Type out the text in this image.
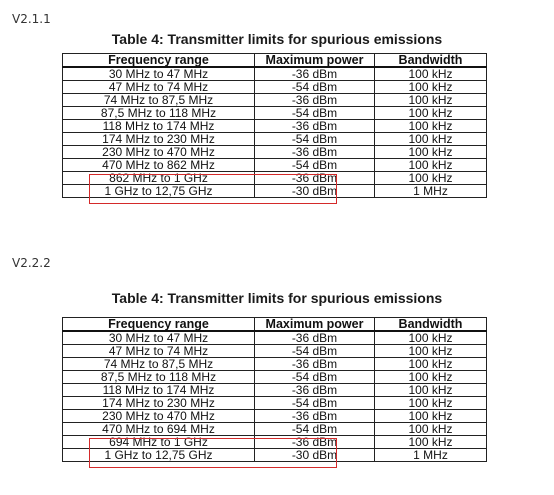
V2.1.1
Table 4: Transmitter limits for spurious emissions
Frequency range	Maximum power	Bandwidth
30 MHz to 47 MHz	-36 dBm	100 kHz
47 MHz to 74 MHz	-54 dBm	100 kHz
74 MHz to 87,5 MHz	-36 dBm	100 kHz
87,5 MHz to 118 MHz	-54 dBm	100 kHz
118 MHz to 174 MHz	-36 dBm	100 kHz
174 MHz to 230 MHz	-54 dBm	100 kHz
230 MHz to 470 MHz	-36 dBm	100 kHz
470 MHz to 862 MHz	-54 dBm	100 kHz
862 MHz to 1 GHz	-36 dBm	100 kHz
1 GHz to 12,75 GHz	-30 dBm	1 MHz
V2.2.2
Table 4: Transmitter limits for spurious emissions
Frequency range	Maximum power	Bandwidth
30 MHz to 47 MHz	-36 dBm	100 kHz
47 MHz to 74 MHz	-54 dBm	100 kHz
74 MHz to 87,5 MHz	-36 dBm	100 kHz
87,5 MHz to 118 MHz	-54 dBm	100 kHz
118 MHz to 174 MHz	-36 dBm	100 kHz
174 MHz to 230 MHz	-54 dBm	100 kHz
230 MHz to 470 MHz	-36 dBm	100 kHz
470 MHz to 694 MHz	-54 dBm	100 kHz
694 MHz to 1 GHz	-36 dBm	100 kHz
1 GHz to 12,75 GHz	-30 dBm	1 MHz
